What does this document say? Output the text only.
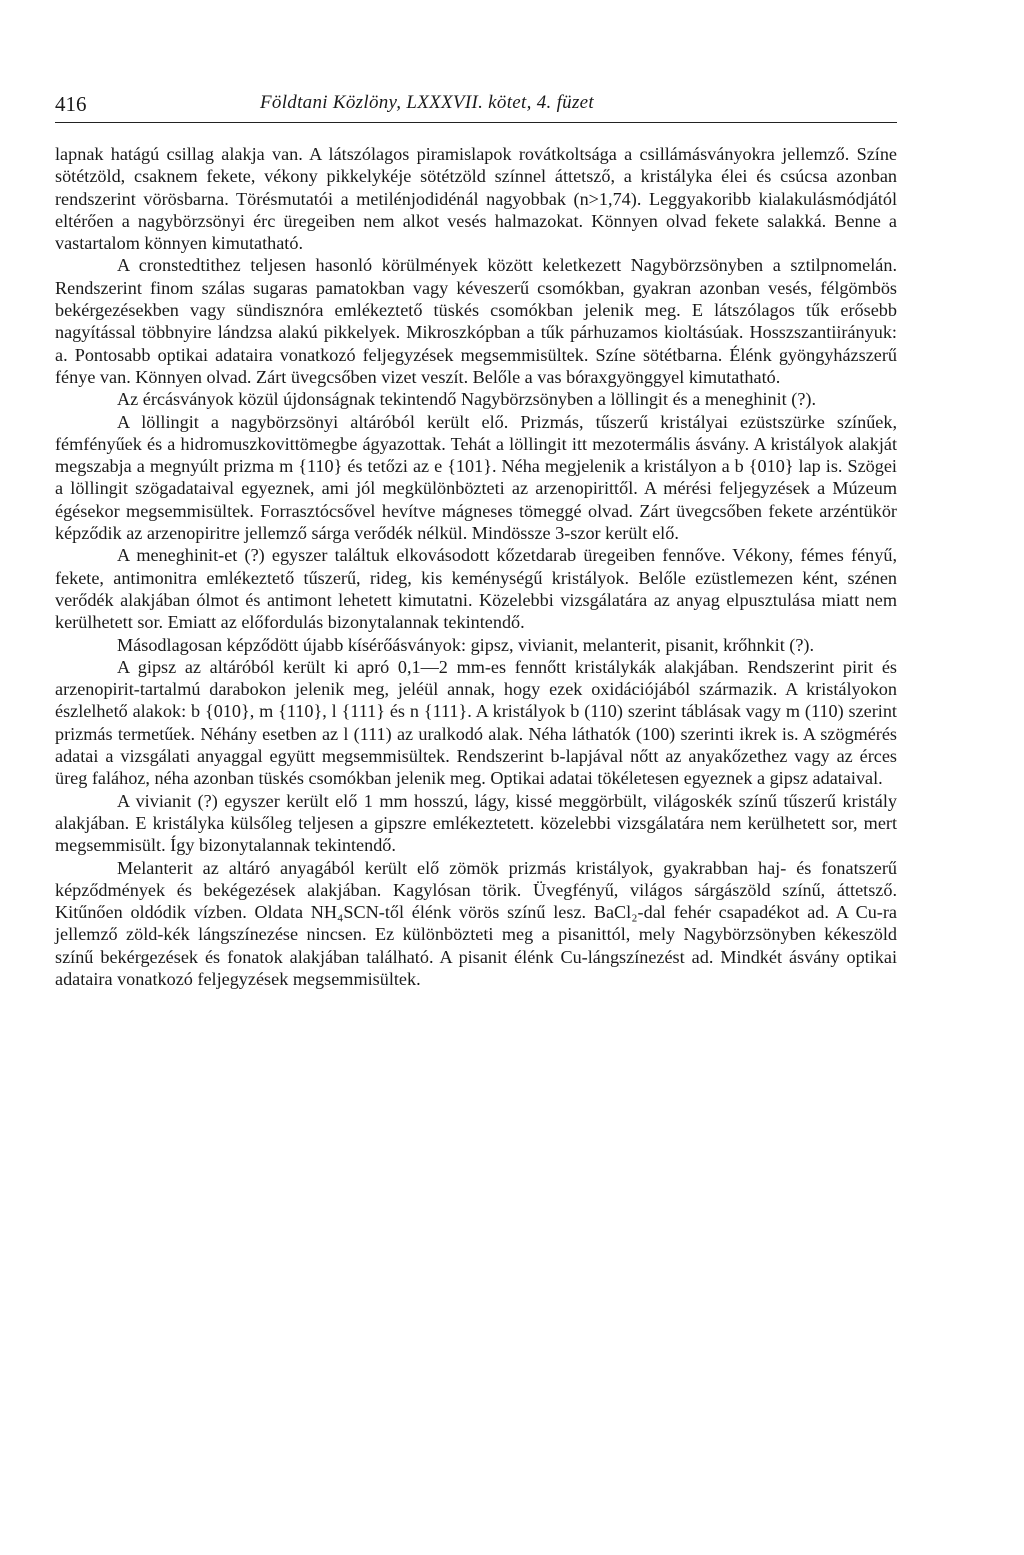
416	Földtani Közlöny, LXXXVII. kötet, 4. füzet

lapnak hatágú csillag alakja van. A látszólagos piramislapok rovátkoltsága a csillámásványokra jellemző. Színe sötétzöld, csaknem fekete, vékony pikkelykéje sötétzöld színnel áttetsző, a kristályka élei és csúcsa azonban rendszerint vörösbarna. Törésmutatói a metilénjodidénál nagyobbak (n>1,74). Leggyakoribb kialakulásmódjától eltérően a nagybörzsönyi érc üregeiben nem alkot vesés halmazokat. Könnyen olvad fekete salakká. Benne a vastartalom könnyen kimutatható.

A cronstedtithez teljesen hasonló körülmények között keletkezett Nagybörzsönyben a sztilpnomelán. Rendszerint finom szálas sugaras pamatokban vagy kéveszerű csomókban, gyakran azonban vesés, félgömbös bekérgezésekben vagy sündisznóra emlékeztető tüskés csomókban jelenik meg. E látszólagos tűk erősebb nagyítással többnyire lándzsa alakú pikkelyek. Mikroszkópban a tűk párhuzamos kioltásúak. Hosszszantiirányuk: a. Pontosabb optikai adataira vonatkozó feljegyzések megsemmisültek. Színe sötétbarna. Élénk gyöngyházszerű fénye van. Könnyen olvad. Zárt üvegcsőben vizet veszít. Belőle a vas bóraxgyönggyel kimutatható.

Az ércásványok közül újdonságnak tekintendő Nagybörzsönyben a löllingit és a meneghinit (?).

A löllingit a nagybörzsönyi altáróból került elő. Prizmás, tűszerű kristályai ezüstszürke színűek, fémfényűek és a hidromuszkovittömegbe ágyazottak. Tehát a löllingit itt mezotermális ásvány. A kristályok alakját megszabja a megnyúlt prizma m {110} és tetőzi az e {101}. Néha megjelenik a kristályon a b {010} lap is. Szögei a löllingit szögadataival egyeznek, ami jól megkülönbözteti az arzenopirittől. A mérési feljegyzések a Múzeum égésekor megsemmisültek. Forrasztócsővel hevítve mágneses tömeggé olvad. Zárt üvegcsőben fekete arzéntükör képződik az arzenopiritre jellemző sárga verődék nélkül. Mindössze 3-szor került elő.

A meneghinit-et (?) egyszer találtuk elkovásodott kőzetdarab üregeiben fennőve. Vékony, fémes fényű, fekete, antimonitra emlékeztető tűszerű, rideg, kis keménységű kristályok. Belőle ezüstlemezen ként, szénen verődék alakjában ólmot és antimont lehetett kimutatni. Közelebbi vizsgálatára az anyag elpusztulása miatt nem kerülhetett sor. Emiatt az előfordulás bizonytalannak tekintendő.

Másodlagosan képződött újabb kísérőásványok: gipsz, vivianit, melanterit, pisanit, krőhnkit (?).

A gipsz az altáróból került ki apró 0,1—2 mm-es fennőtt kristálykák alakjában. Rendszerint pirit és arzenopirit-tartalmú darabokon jelenik meg, jeléül annak, hogy ezek oxidációjából származik. A kristályokon észlelhető alakok: b {010}, m {110}, l {111} és n {111}. A kristályok b (110) szerint táblásak vagy m (110) szerint prizmás termetűek. Néhány esetben az l (111) az uralkodó alak. Néha láthatók (100) szerinti ikrek is. A szögmérés adatai a vizsgálati anyaggal együtt megsemmisültek. Rendszerint b-lapjával nőtt az anyakőzethez vagy az érces üreg falához, néha azonban tüskés csomókban jelenik meg. Optikai adatai tökéletesen egyeznek a gipsz adataival.

A vivianit (?) egyszer került elő 1 mm hosszú, lágy, kissé meggörbült, világoskék színű tűszerű kristály alakjában. E kristályka külsőleg teljesen a gipszre emlékeztetett. közelebbi vizsgálatára nem kerülhetett sor, mert megsemmisült. Így bizonytalannak tekintendő.

Melanterit az altáró anyagából került elő zömök prizmás kristályok, gyakrabban haj- és fonatszerű képződmények és bekégezések alakjában. Kagylósan törik. Üvegfényű, világos sárgászöld színű, áttetsző. Kitűnően oldódik vízben. Oldata NH₄SCN-től élénk vörös színű lesz. BaCl₂-dal fehér csapadékot ad. A Cu-ra jellemző zöld-kék lángszínezése nincsen. Ez különbözteti meg a pisanittól, mely Nagybörzsönyben kékeszöld színű bekérgezések és fonatok alakjában található. A pisanit élénk Cu-lángszínezést ad. Mindkét ásvány optikai adataira vonatkozó feljegyzések megsemmisültek.
